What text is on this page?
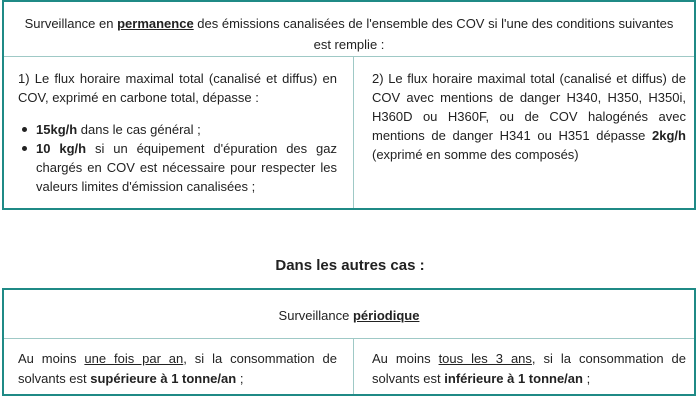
Surveillance en permanence des émissions canalisées de l'ensemble des COV si l'une des conditions suivantes est remplie :
1) Le flux horaire maximal total (canalisé et diffus) en COV, exprimé en carbone total, dépasse :
15kg/h dans le cas général ;
10 kg/h si un équipement d'épuration des gaz chargés en COV est nécessaire pour respecter les valeurs limites d'émission canalisées ;
2) Le flux horaire maximal total (canalisé et diffus) de COV avec mentions de danger H340, H350, H350i, H360D ou H360F, ou de COV halogénés avec mentions de danger H341 ou H351 dépasse 2kg/h (exprimé en somme des composés)
Dans les autres cas :
Surveillance périodique
Au moins une fois par an, si la consommation de solvants est supérieure à 1 tonne/an ;
Au moins tous les 3 ans, si la consommation de solvants est inférieure à 1 tonne/an ;
